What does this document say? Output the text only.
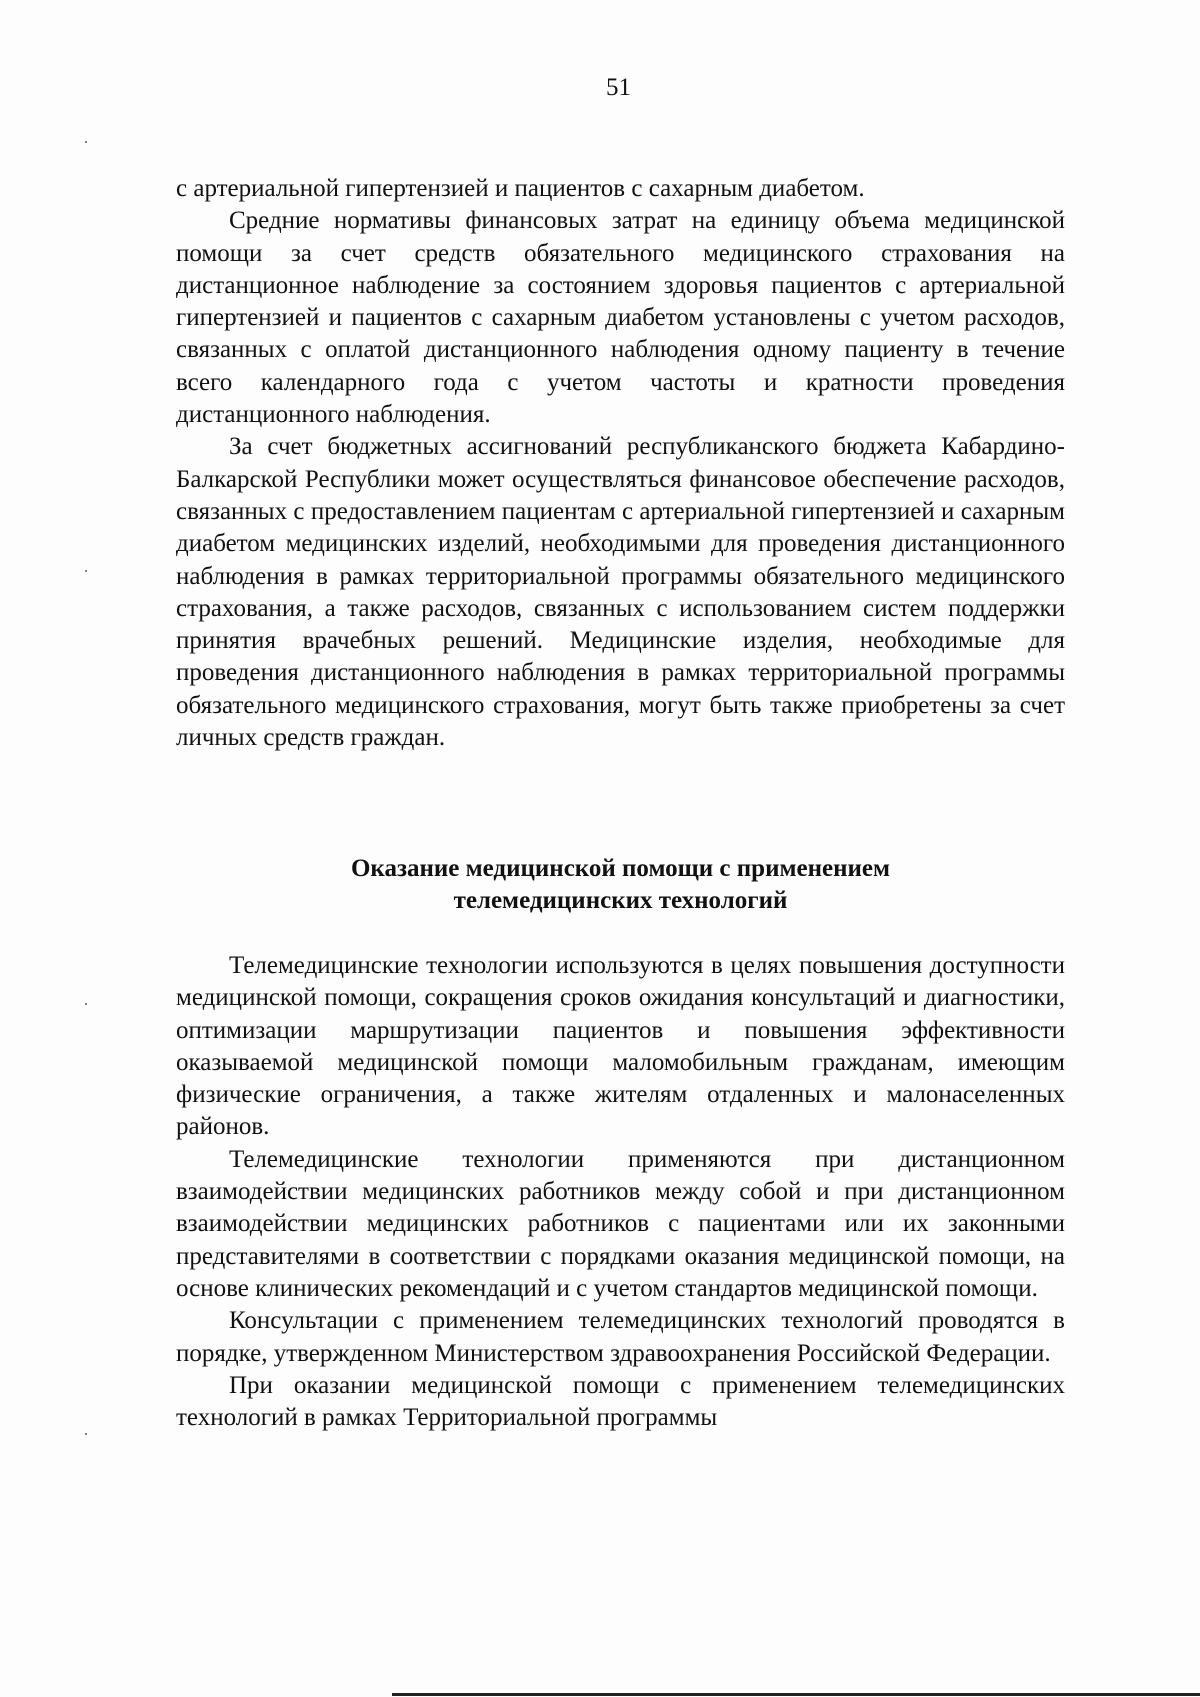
51

с артериальной гипертензией и пациентов с сахарным диабетом.

Средние нормативы финансовых затрат на единицу объема медицинской помощи за счет средств обязательного медицинского страхования на дистанционное наблюдение за состоянием здоровья пациентов с артериальной гипертензией и пациентов с сахарным диабетом установлены с учетом расходов, связанных с оплатой дистанционного наблюдения одному пациенту в течение всего календарного года с учетом частоты и кратности проведения дистанционного наблюдения.

За счет бюджетных ассигнований республиканского бюджета Кабардино-Балкарской Республики может осуществляться финансовое обеспечение расходов, связанных с предоставлением пациентам с артериальной гипертензией и сахарным диабетом медицинских изделий, необходимыми для проведения дистанционного наблюдения в рамках территориальной программы обязательного медицинского страхования, а также расходов, связанных с использованием систем поддержки принятия врачебных решений. Медицинские изделия, необходимые для проведения дистанционного наблюдения в рамках территориальной программы обязательного медицинского страхования, могут быть также приобретены за счет личных средств граждан.

Оказание медицинской помощи с применением
телемедицинских технологий

Телемедицинские технологии используются в целях повышения доступности медицинской помощи, сокращения сроков ожидания консультаций и диагностики, оптимизации маршрутизации пациентов и повышения эффективности оказываемой медицинской помощи маломобильным гражданам, имеющим физические ограничения, а также жителям отдаленных и малонаселенных районов.

Телемедицинские технологии применяются при дистанционном взаимодействии медицинских работников между собой и при дистанционном взаимодействии медицинских работников с пациентами или их законными представителями в соответствии с порядками оказания медицинской помощи, на основе клинических рекомендаций и с учетом стандартов медицинской помощи.

Консультации с применением телемедицинских технологий проводятся в порядке, утвержденном Министерством здравоохранения Российской Федерации.

При оказании медицинской помощи с применением телемедицинских технологий в рамках Территориальной программы
